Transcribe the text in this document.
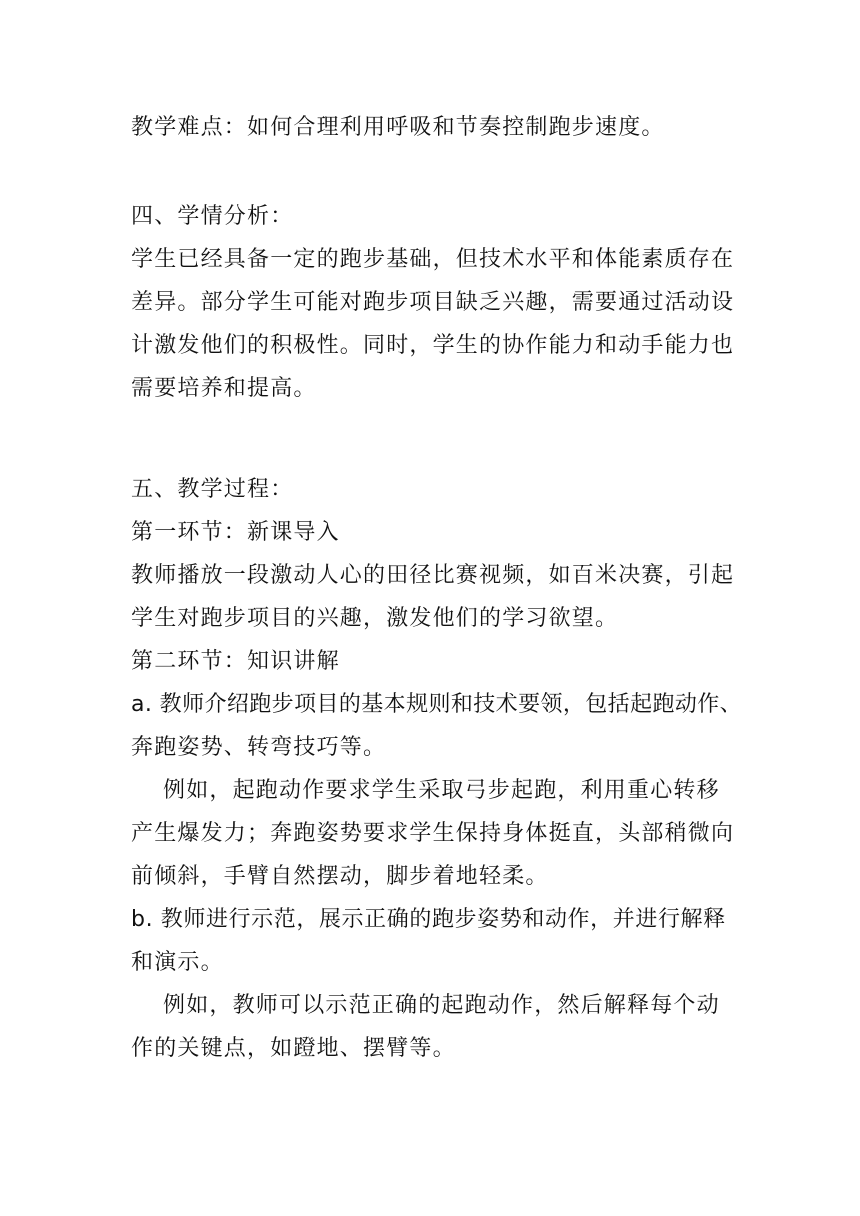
教学难点：如何合理利用呼吸和节奏控制跑步速度。
四、学情分析：
学生已经具备一定的跑步基础，但技术水平和体能素质存在
差异。部分学生可能对跑步项目缺乏兴趣，需要通过活动设
计激发他们的积极性。同时，学生的协作能力和动手能力也
需要培养和提高。
五、教学过程：
第一环节：新课导入
教师播放一段激动人心的田径比赛视频，如百米决赛，引起
学生对跑步项目的兴趣，激发他们的学习欲望。
第二环节：知识讲解
a. 教师介绍跑步项目的基本规则和技术要领，包括起跑动作、
奔跑姿势、转弯技巧等。
例如，起跑动作要求学生采取弓步起跑，利用重心转移
产生爆发力；奔跑姿势要求学生保持身体挺直，头部稍微向
前倾斜，手臂自然摆动，脚步着地轻柔。
b. 教师进行示范，展示正确的跑步姿势和动作，并进行解释
和演示。
例如，教师可以示范正确的起跑动作，然后解释每个动
作的关键点，如蹬地、摆臂等。
